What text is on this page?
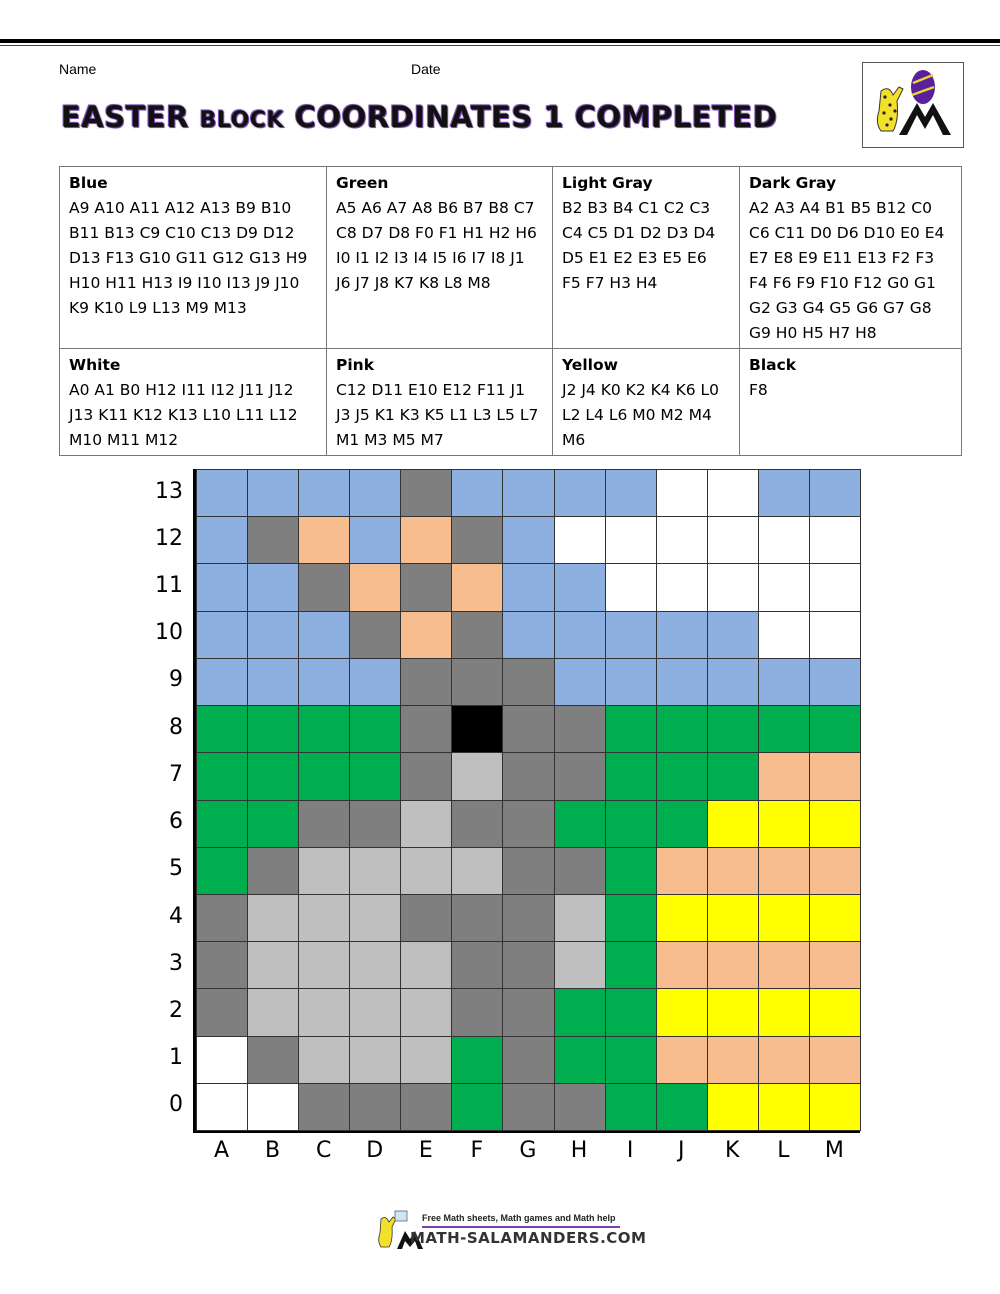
Name	Date
EASTER BLOCK COORDINATES 1 COMPLETED
Blue
A9 A10 A11 A12 A13 B9 B10 B11 B13 C9 C10 C13 D9 D12 D13 F13 G10 G11 G12 G13 H9 H10 H11 H13 I9 I10 I13 J9 J10 K9 K10 L9 L13 M9 M13	Green
A5 A6 A7 A8 B6 B7 B8 C7 C8 D7 D8 F0 F1 H1 H2 H6 I0 I1 I2 I3 I4 I5 I6 I7 I8 J1 J6 J7 J8 K7 K8 L8 M8	Light Gray
B2 B3 B4 C1 C2 C3 C4 C5 D1 D2 D3 D4 D5 E1 E2 E3 E5 E6 F5 F7 H3 H4	Dark Gray
A2 A3 A4 B1 B5 B12 C0 C6 C11 D0 D6 D10 E0 E4 E7 E8 E9 E11 E13 F2 F3 F4 F6 F9 F10 F12 G0 G1 G2 G3 G4 G5 G6 G7 G8 G9 H0 H5 H7 H8

White
A0 A1 B0 H12 I11 I12 J11 J12 J13 K11 K12 K13 L10 L11 L12 M10 M11 M12	Pink
C12 D11 E10 E12 F11 J1 J3 J5 K1 K3 K5 L1 L3 L5 L7 M1 M3 M5 M7	Yellow
J2 J4 K0 K2 K4 K6 L0 L2 L4 L6 M0 M2 M4 M6	Black
F8
13
12
11
10
9
8
7
6
5
4
3
2
1
0
A	B	C	D	E	F	G	H	I	J	K	L	M
Free Math sheets, Math games and Math help
MATH-SALAMANDERS.COM
